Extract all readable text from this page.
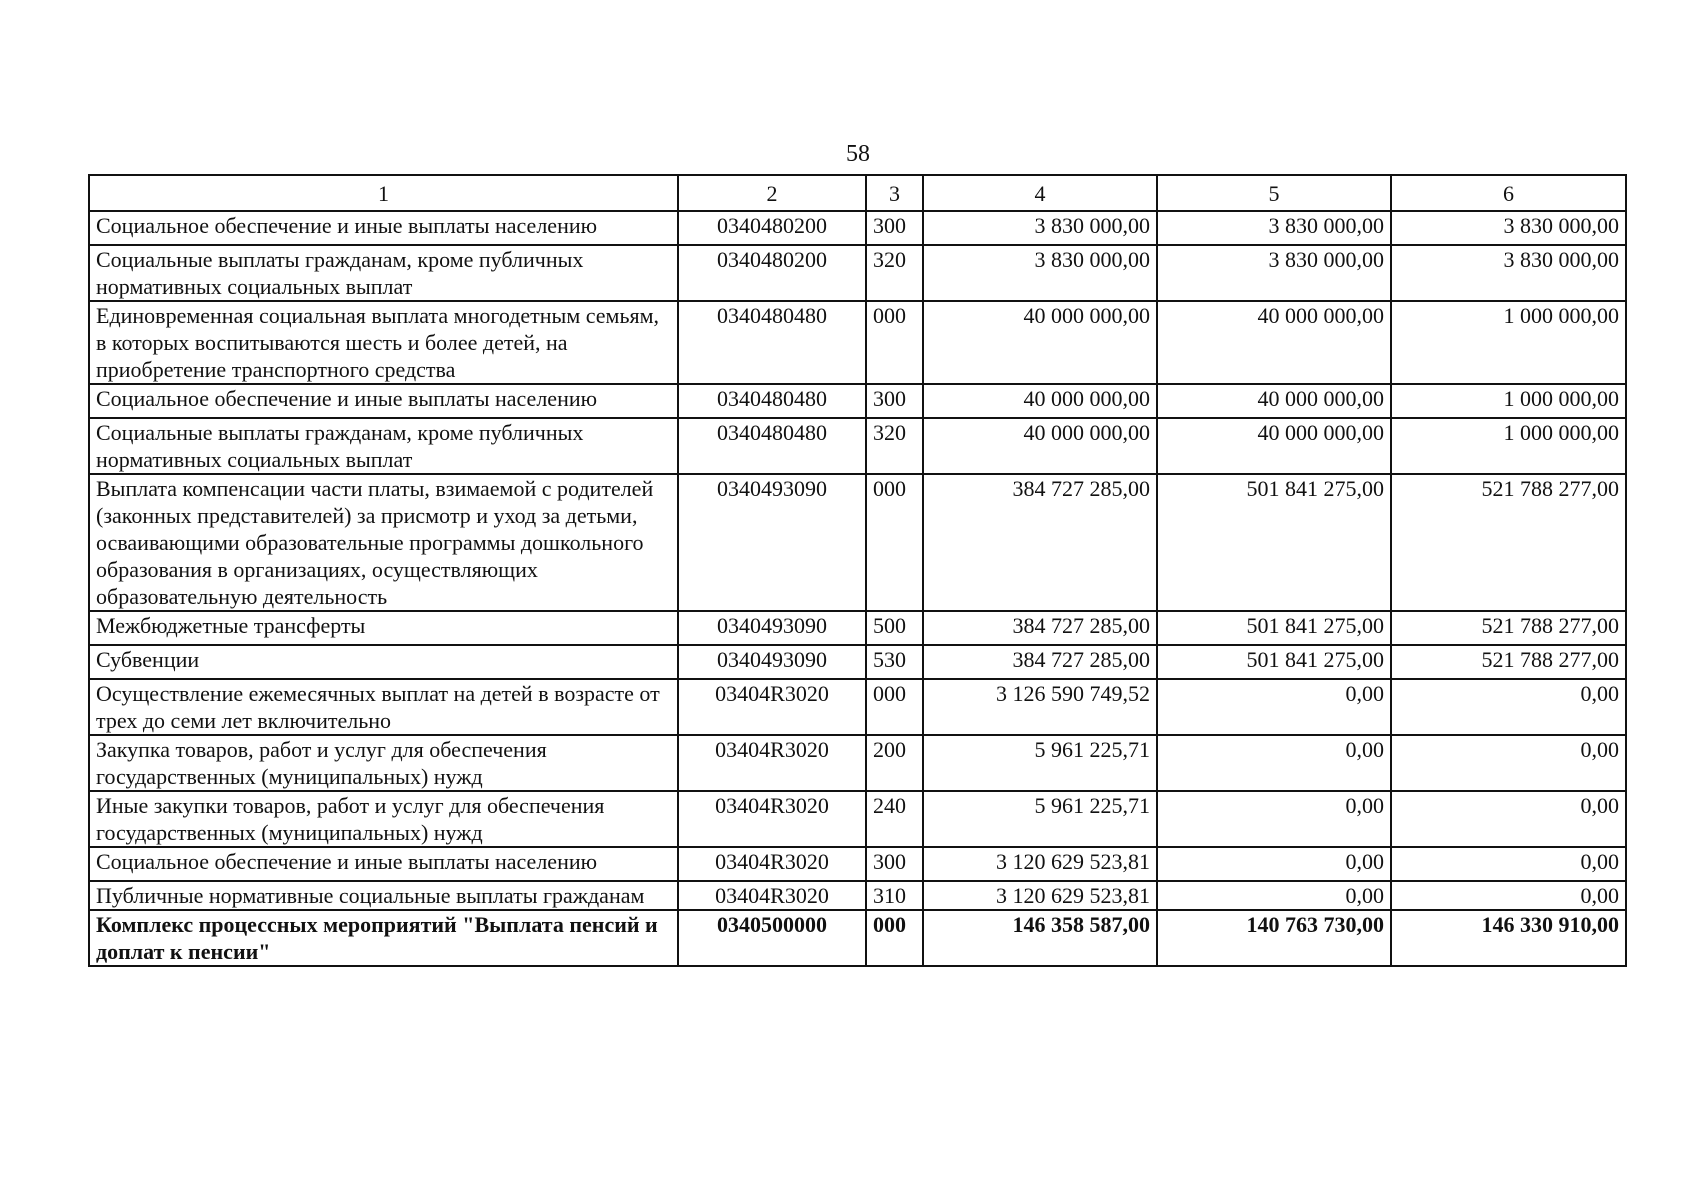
58
1	2	3	4	5	6
Социальное обеспечение и иные выплаты населению	0340480200	300	3 830 000,00	3 830 000,00	3 830 000,00
Социальные выплаты гражданам, кроме публичных нормативных социальных выплат	0340480200	320	3 830 000,00	3 830 000,00	3 830 000,00
Единовременная социальная выплата многодетным семьям, в которых воспитываются шесть и более детей, на приобретение транспортного средства	0340480480	000	40 000 000,00	40 000 000,00	1 000 000,00
Социальное обеспечение и иные выплаты населению	0340480480	300	40 000 000,00	40 000 000,00	1 000 000,00
Социальные выплаты гражданам, кроме публичных нормативных социальных выплат	0340480480	320	40 000 000,00	40 000 000,00	1 000 000,00
Выплата компенсации части платы, взимаемой с родителей (законных представителей) за присмотр и уход за детьми, осваивающими образовательные программы дошкольного образования в организациях, осуществляющих образовательную деятельность	0340493090	000	384 727 285,00	501 841 275,00	521 788 277,00
Межбюджетные трансферты	0340493090	500	384 727 285,00	501 841 275,00	521 788 277,00
Субвенции	0340493090	530	384 727 285,00	501 841 275,00	521 788 277,00
Осуществление ежемесячных выплат на детей в возрасте от трех до семи лет включительно	03404R3020	000	3 126 590 749,52	0,00	0,00
Закупка товаров, работ и услуг для обеспечения государственных (муниципальных) нужд	03404R3020	200	5 961 225,71	0,00	0,00
Иные закупки товаров, работ и услуг для обеспечения государственных (муниципальных) нужд	03404R3020	240	5 961 225,71	0,00	0,00
Социальное обеспечение и иные выплаты населению	03404R3020	300	3 120 629 523,81	0,00	0,00
Публичные нормативные социальные выплаты гражданам	03404R3020	310	3 120 629 523,81	0,00	0,00
Комплекс процессных мероприятий "Выплата пенсий и доплат к пенсии"	0340500000	000	146 358 587,00	140 763 730,00	146 330 910,00
